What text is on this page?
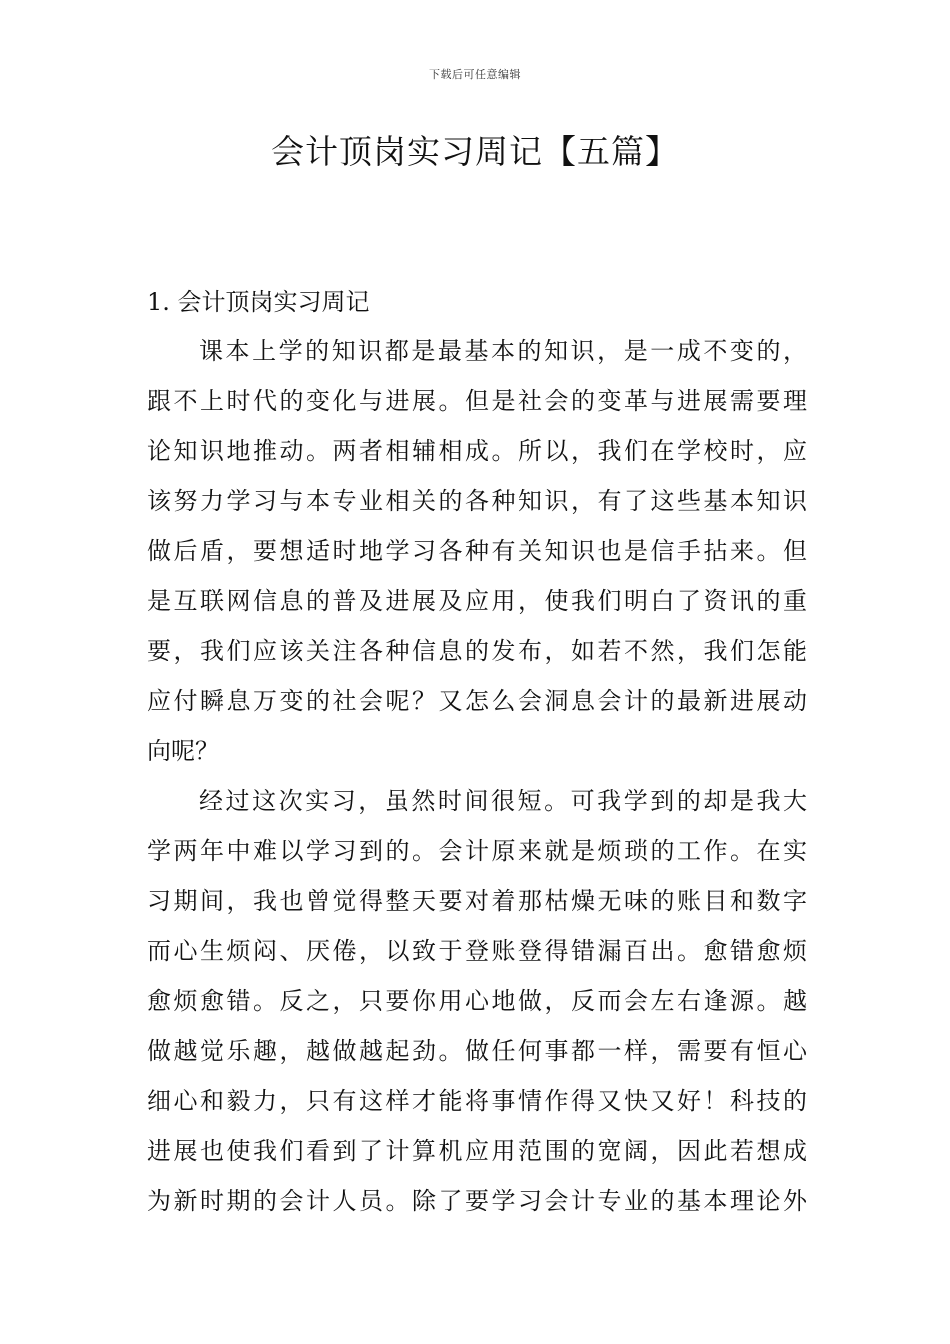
下载后可任意编辑
会计顶岗实习周记【五篇】

1. 会计顶岗实习周记

课本上学的知识都是最基本的知识，是一成不变的，
跟不上时代的变化与进展。但是社会的变革与进展需要理
论知识地推动。两者相辅相成。所以，我们在学校时，应
该努力学习与本专业相关的各种知识，有了这些基本知识
做后盾，要想适时地学习各种有关知识也是信手拈来。但
是互联网信息的普及进展及应用，使我们明白了资讯的重
要，我们应该关注各种信息的发布，如若不然，我们怎能
应付瞬息万变的社会呢？又怎么会洞息会计的最新进展动
向呢？

经过这次实习，虽然时间很短。可我学到的却是我大
学两年中难以学习到的。会计原来就是烦琐的工作。在实
习期间，我也曾觉得整天要对着那枯燥无味的账目和数字
而心生烦闷、厌倦，以致于登账登得错漏百出。愈错愈烦
愈烦愈错。反之，只要你用心地做，反而会左右逢源。越
做越觉乐趣，越做越起劲。做任何事都一样，需要有恒心
细心和毅力，只有这样才能将事情作得又快又好！科技的
进展也使我们看到了计算机应用范围的宽阔，因此若想成
为新时期的会计人员。除了要学习会计专业的基本理论外
